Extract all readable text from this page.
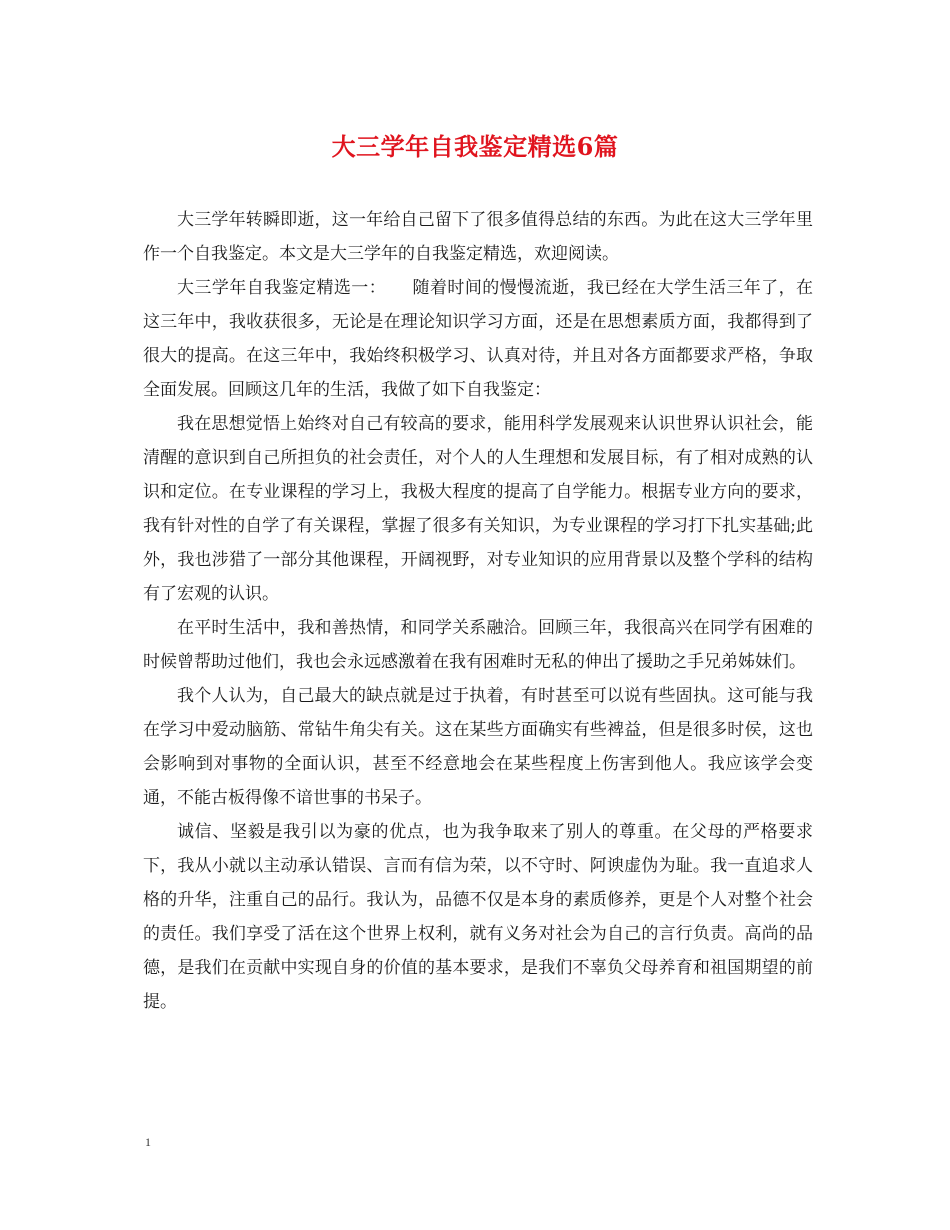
大三学年自我鉴定精选6篇

大三学年转瞬即逝，这一年给自己留下了很多值得总结的东西。为此在这大三学年里作一个自我鉴定。本文是大三学年的自我鉴定精选，欢迎阅读。

大三学年自我鉴定精选一：　　随着时间的慢慢流逝，我已经在大学生活三年了，在这三年中，我收获很多，无论是在理论知识学习方面，还是在思想素质方面，我都得到了很大的提高。在这三年中，我始终积极学习、认真对待，并且对各方面都要求严格，争取全面发展。回顾这几年的生活，我做了如下自我鉴定：

我在思想觉悟上始终对自己有较高的要求，能用科学发展观来认识世界认识社会，能清醒的意识到自己所担负的社会责任，对个人的人生理想和发展目标，有了相对成熟的认识和定位。在专业课程的学习上，我极大程度的提高了自学能力。根据专业方向的要求，我有针对性的自学了有关课程，掌握了很多有关知识，为专业课程的学习打下扎实基础;此外，我也涉猎了一部分其他课程，开阔视野，对专业知识的应用背景以及整个学科的结构有了宏观的认识。

在平时生活中，我和善热情，和同学关系融洽。回顾三年，我很高兴在同学有困难的时候曾帮助过他们，我也会永远感激着在我有困难时无私的伸出了援助之手兄弟姊妹们。

我个人认为，自己最大的缺点就是过于执着，有时甚至可以说有些固执。这可能与我在学习中爱动脑筋、常钻牛角尖有关。这在某些方面确实有些裨益，但是很多时侯，这也会影响到对事物的全面认识，甚至不经意地会在某些程度上伤害到他人。我应该学会变通，不能古板得像不谙世事的书呆子。

诚信、坚毅是我引以为豪的优点，也为我争取来了别人的尊重。在父母的严格要求下，我从小就以主动承认错误、言而有信为荣，以不守时、阿谀虚伪为耻。我一直追求人格的升华，注重自己的品行。我认为，品德不仅是本身的素质修养，更是个人对整个社会的责任。我们享受了活在这个世界上权利，就有义务对社会为自己的言行负责。高尚的品德，是我们在贡献中实现自身的价值的基本要求，是我们不辜负父母养育和祖国期望的前提。

1
